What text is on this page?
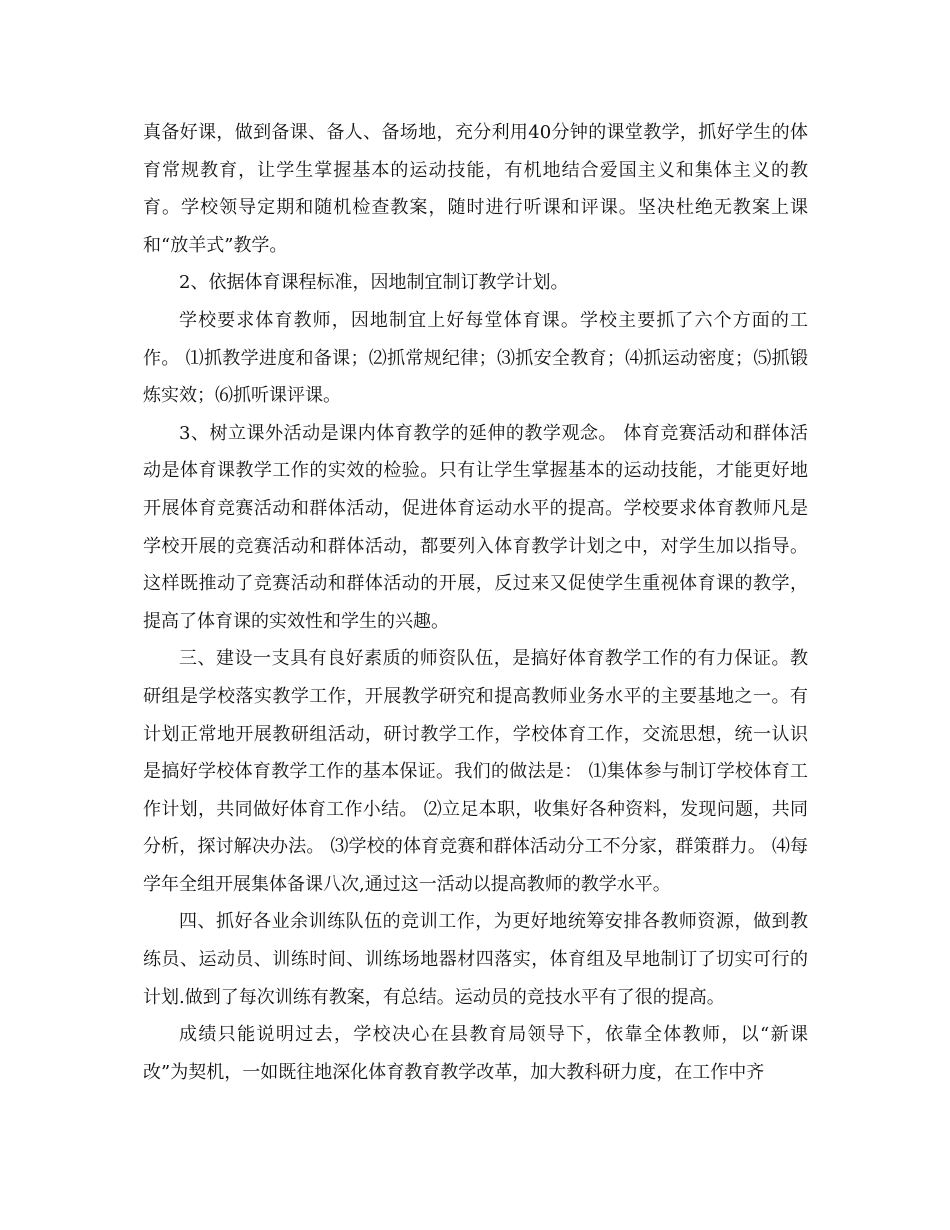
真备好课，做到备课、备人、备场地，充分利用40分钟的课堂教学，抓好学生的体育常规教育，让学生掌握基本的运动技能，有机地结合爱国主义和集体主义的教育。学校领导定期和随机检查教案，随时进行听课和评课。坚决杜绝无教案上课和“放羊式”教学。

2、依据体育课程标准，因地制宜制订教学计划。

学校要求体育教师，因地制宜上好每堂体育课。学校主要抓了六个方面的工作。 ⑴抓教学进度和备课；⑵抓常规纪律；⑶抓安全教育；⑷抓运动密度；⑸抓锻炼实效；⑹抓听课评课。

3、树立课外活动是课内体育教学的延伸的教学观念。 体育竞赛活动和群体活动是体育课教学工作的实效的检验。只有让学生掌握基本的运动技能，才能更好地开展体育竞赛活动和群体活动，促进体育运动水平的提高。学校要求体育教师凡是学校开展的竞赛活动和群体活动，都要列入体育教学计划之中，对学生加以指导。这样既推动了竞赛活动和群体活动的开展，反过来又促使学生重视体育课的教学，提高了体育课的实效性和学生的兴趣。

三、建设一支具有良好素质的师资队伍，是搞好体育教学工作的有力保证。教研组是学校落实教学工作，开展教学研究和提高教师业务水平的主要基地之一。有计划正常地开展教研组活动，研讨教学工作，学校体育工作，交流思想，统一认识是搞好学校体育教学工作的基本保证。我们的做法是： ⑴集体参与制订学校体育工作计划，共同做好体育工作小结。 ⑵立足本职，收集好各种资料，发现问题，共同分析，探讨解决办法。 ⑶学校的体育竞赛和群体活动分工不分家，群策群力。 ⑷每学年全组开展集体备课八次,通过这一活动以提高教师的教学水平。

四、抓好各业余训练队伍的竞训工作，为更好地统筹安排各教师资源，做到教练员、运动员、训练时间、训练场地器材四落实，体育组及早地制订了切实可行的计划.做到了每次训练有教案，有总结。运动员的竞技水平有了很的提高。

成绩只能说明过去，学校决心在县教育局领导下，依靠全体教师，以“新课改”为契机，一如既往地深化体育教育教学改革，加大教科研力度，在工作中齐
